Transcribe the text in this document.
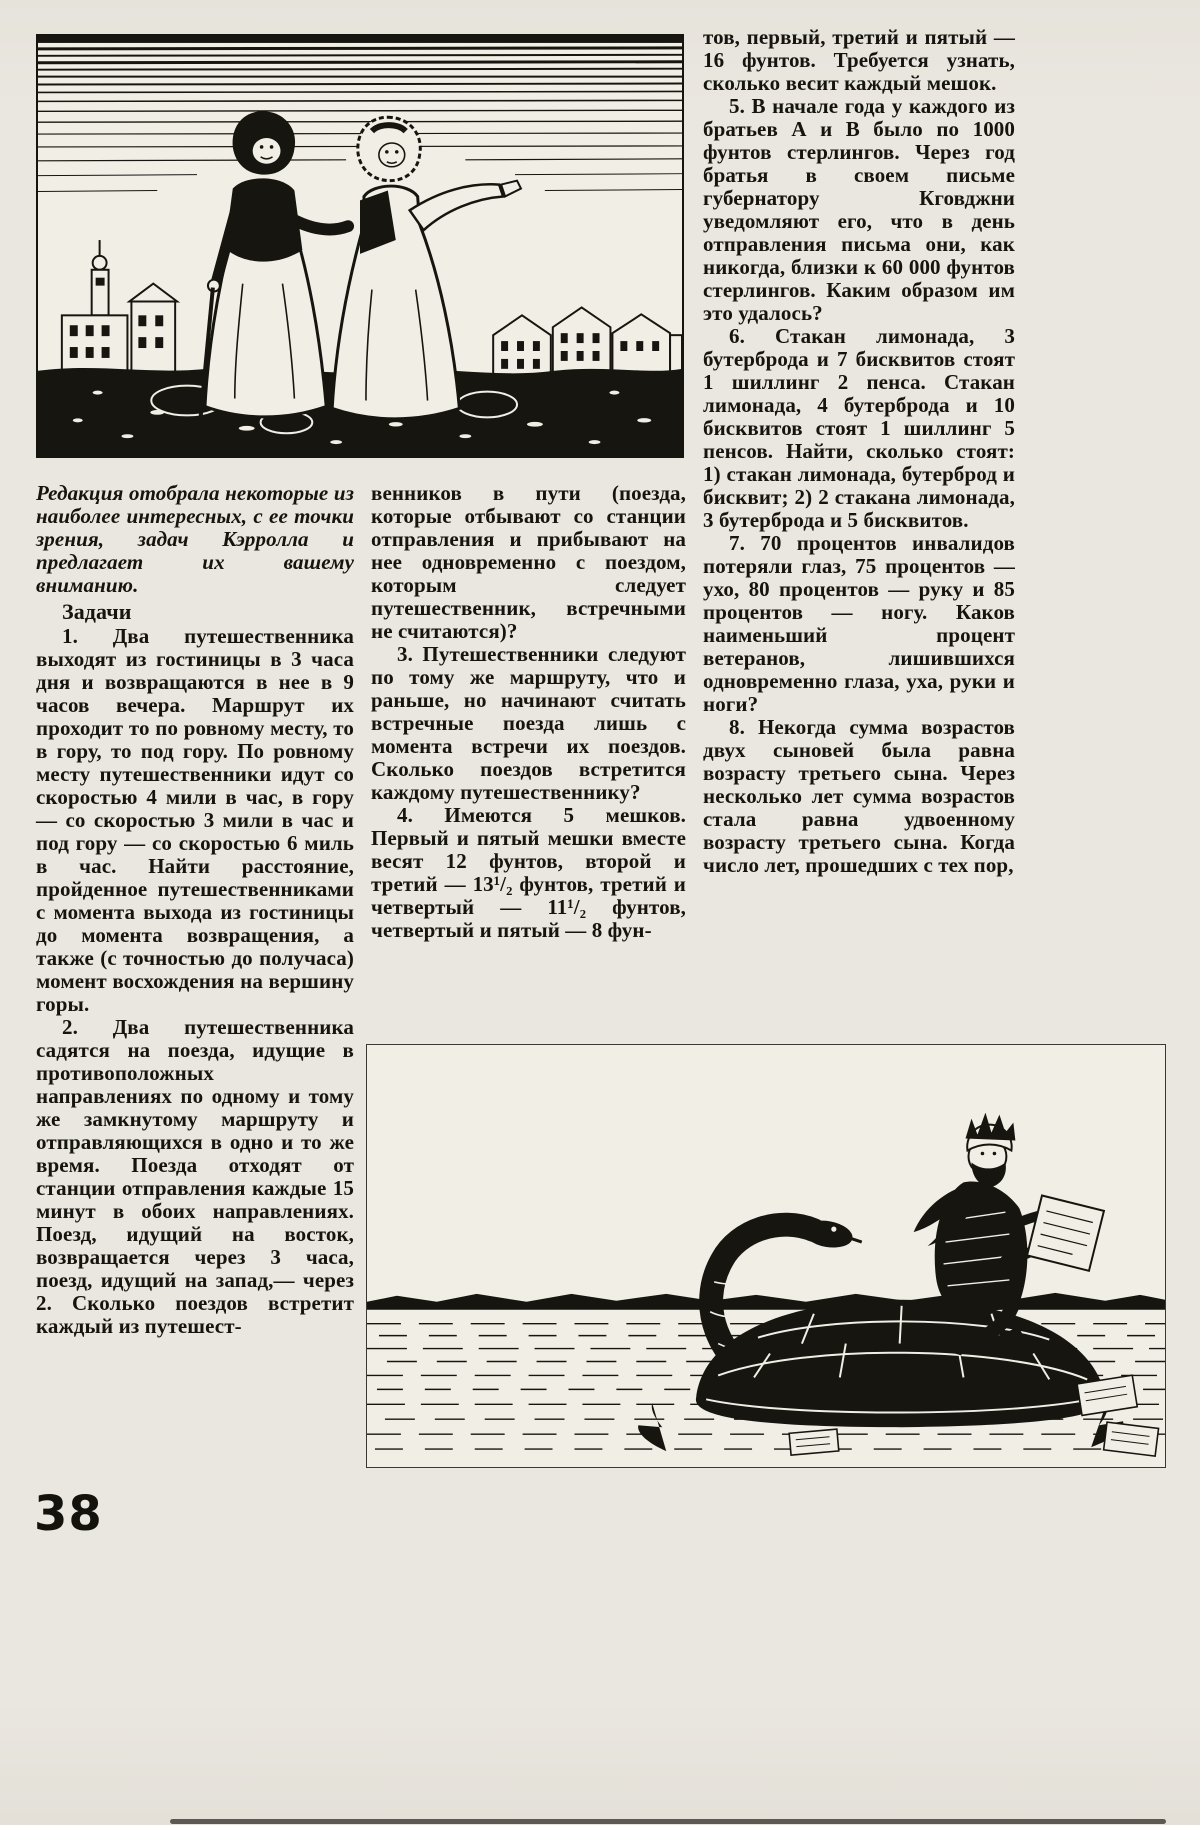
Редакция отобрала некоторые из наиболее интересных, с ее точки зрения, задач Кэрролла и предлагает их вашему вниманию.

Задачи

1. Два путешественника выходят из гостиницы в 3 часа дня и возвращаются в нее в 9 часов вечера. Маршрут их проходит то по ровному месту, то в гору, то под гору. По ровному месту путешественники идут со скоростью 4 мили в час, в гору — со скоростью 3 мили в час и под гору — со скоростью 6 миль в час. Найти расстояние, пройденное путешественниками с момента выхода из гостиницы до момента возвращения, а также (с точностью до получаса) момент восхождения на вершину горы.

2. Два путешественника садятся на поезда, идущие в противоположных направлениях по одному и тому же замкнутому маршруту и отправляющихся в одно и то же время. Поезда отходят от станции отправления каждые 15 минут в обоих направлениях. Поезд, идущий на восток, возвращается через 3 часа, поезд, идущий на запад,— через 2. Сколько поездов встретит каждый из путешест-

венников в пути (поезда, которые отбывают со станции отправления и прибывают на нее одновременно с поездом, которым следует путешественник, встречными не считаются)?

3. Путешественники следуют по тому же маршруту, что и раньше, но начинают считать встречные поезда лишь с момента встречи их поездов. Сколько поездов встретится каждому путешественнику?

4. Имеются 5 мешков. Первый и пятый мешки вместе весят 12 фунтов, второй и третий — 13¹/₂ фунтов, третий и четвертый — 11¹/₂ фунтов, четвертый и пятый — 8 фун-

тов, первый, третий и пятый — 16 фунтов. Требуется узнать, сколько весит каждый мешок.

5. В начале года у каждого из братьев А и В было по 1000 фунтов стерлингов. Через год братья в своем письме губернатору Кговджни уведомляют его, что в день отправления письма они, как никогда, близки к 60 000 фунтов стерлингов. Каким образом им это удалось?

6. Стакан лимонада, 3 бутерброда и 7 бисквитов стоят 1 шиллинг 2 пенса. Стакан лимонада, 4 бутерброда и 10 бисквитов стоят 1 шиллинг 5 пенсов. Найти, сколько стоят: 1) стакан лимонада, бутерброд и бисквит; 2) 2 стакана лимонада, 3 бутерброда и 5 бисквитов.

7. 70 процентов инвалидов потеряли глаз, 75 процентов — ухо, 80 процентов — руку и 85 процентов — ногу. Каков наименьший процент ветеранов, лишившихся одновременно глаза, уха, руки и ноги?

8. Некогда сумма возрастов двух сыновей была равна возрасту третьего сына. Через несколько лет сумма возрастов стала равна удвоенному возрасту третьего сына. Когда число лет, прошедших с тех пор,

38
